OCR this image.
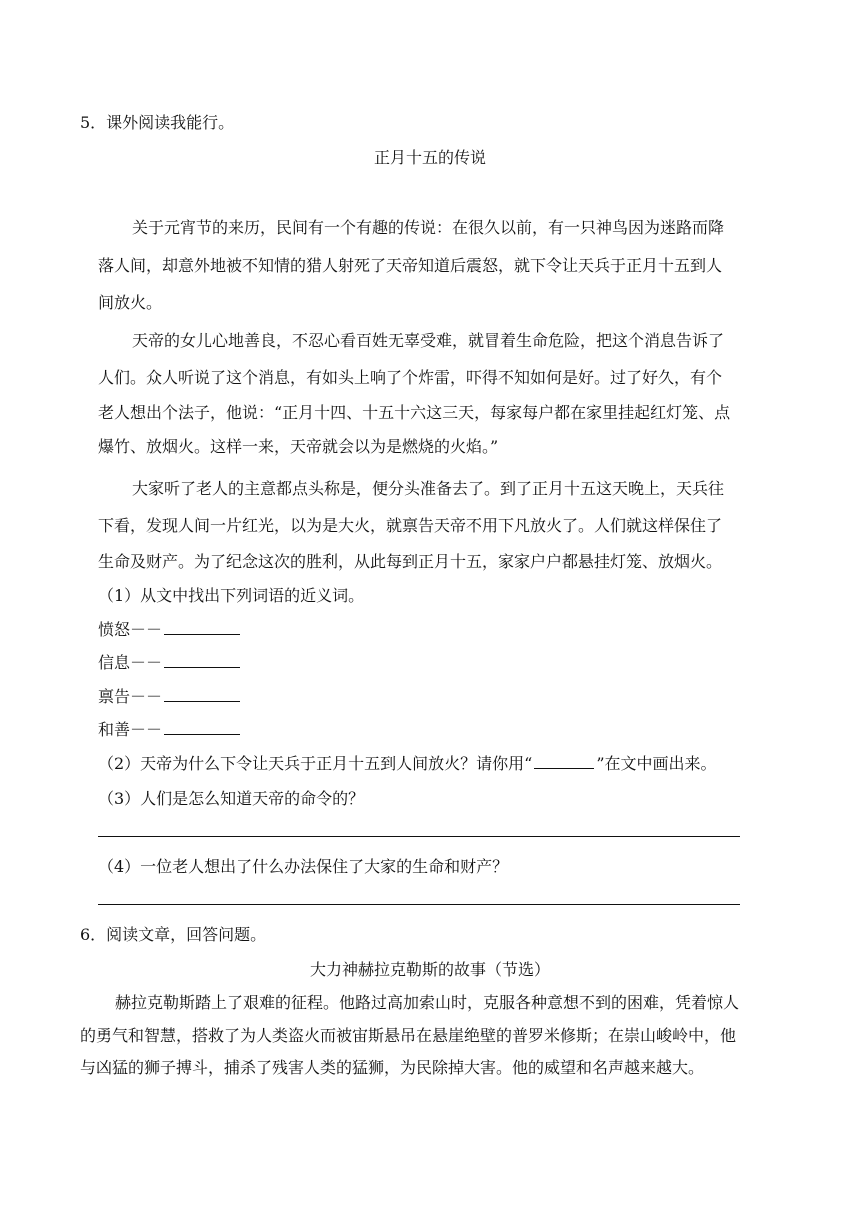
5．课外阅读我能行。
正月十五的传说
关于元宵节的来历，民间有一个有趣的传说：在很久以前，有一只神鸟因为迷路而降
落人间，却意外地被不知情的猎人射死了天帝知道后震怒，就下令让天兵于正月十五到人
间放火。
天帝的女儿心地善良，不忍心看百姓无辜受难，就冒着生命危险，把这个消息告诉了
人们。众人听说了这个消息，有如头上响了个炸雷，吓得不知如何是好。过了好久，有个
老人想出个法子，他说：“正月十四、十五十六这三天，每家每户都在家里挂起红灯笼、点
爆竹、放烟火。这样一来，天帝就会以为是燃烧的火焰。”
大家听了老人的主意都点头称是，便分头准备去了。到了正月十五这天晚上，天兵往
下看，发现人间一片红光，以为是大火，就禀告天帝不用下凡放火了。人们就这样保住了
生命及财产。为了纪念这次的胜利，从此每到正月十五，家家户户都悬挂灯笼、放烟火。
（1）从文中找出下列词语的近义词。
愤怒－－
信息－－
禀告－－
和善－－
（2）天帝为什么下令让天兵于正月十五到人间放火？请你用“	”在文中画出来。
（3）人们是怎么知道天帝的命令的？
（4）一位老人想出了什么办法保住了大家的生命和财产？
6．阅读文章，回答问题。
大力神赫拉克勒斯的故事（节选）
赫拉克勒斯踏上了艰难的征程。他路过高加索山时，克服各种意想不到的困难，凭着惊人
的勇气和智慧，搭救了为人类盗火而被宙斯悬吊在悬崖绝壁的普罗米修斯；在崇山峻岭中，他
与凶猛的狮子搏斗，捕杀了残害人类的猛狮，为民除掉大害。他的威望和名声越来越大。
